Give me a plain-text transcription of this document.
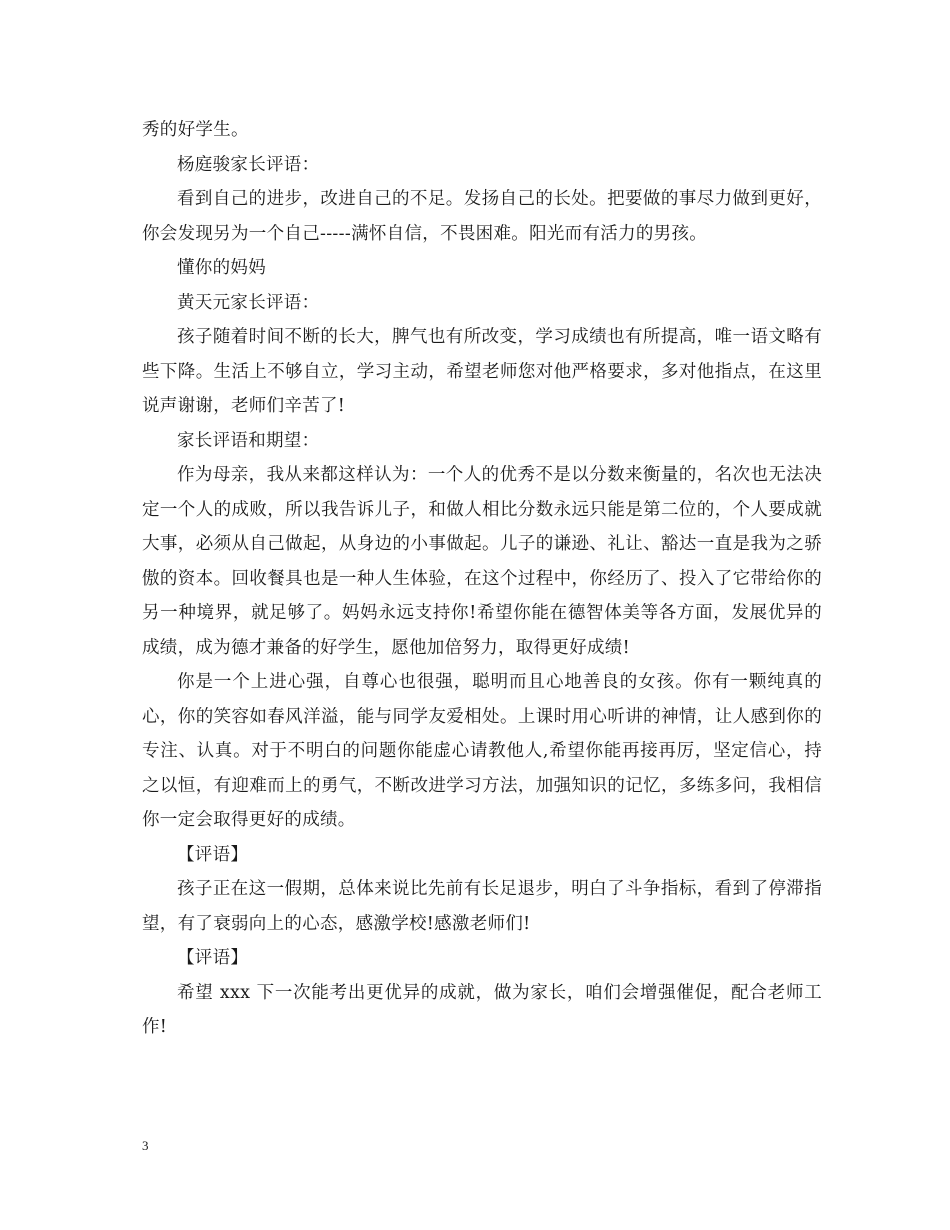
秀的好学生。

杨庭骏家长评语：

看到自己的进步，改进自己的不足。发扬自己的长处。把要做的事尽力做到更好，你会发现另为一个自己-----满怀自信，不畏困难。阳光而有活力的男孩。

懂你的妈妈

黄天元家长评语：

孩子随着时间不断的长大，脾气也有所改变，学习成绩也有所提高，唯一语文略有些下降。生活上不够自立，学习主动，希望老师您对他严格要求，多对他指点，在这里说声谢谢，老师们辛苦了!

家长评语和期望：

作为母亲，我从来都这样认为：一个人的优秀不是以分数来衡量的，名次也无法决定一个人的成败，所以我告诉儿子，和做人相比分数永远只能是第二位的，个人要成就大事，必须从自己做起，从身边的小事做起。儿子的谦逊、礼让、豁达一直是我为之骄傲的资本。回收餐具也是一种人生体验，在这个过程中，你经历了、投入了它带给你的另一种境界，就足够了。妈妈永远支持你!希望你能在德智体美等各方面，发展优异的成绩，成为德才兼备的好学生，愿他加倍努力，取得更好成绩!

你是一个上进心强，自尊心也很强，聪明而且心地善良的女孩。你有一颗纯真的心，你的笑容如春风洋溢，能与同学友爱相处。上课时用心听讲的神情，让人感到你的专注、认真。对于不明白的问题你能虚心请教他人,希望你能再接再厉，坚定信心，持之以恒，有迎难而上的勇气，不断改进学习方法，加强知识的记忆，多练多问，我相信你一定会取得更好的成绩。

【评语】

孩子正在这一假期，总体来说比先前有长足退步，明白了斗争指标，看到了停滞指望，有了衰弱向上的心态，感激学校!感激老师们!

【评语】

希望 xxx 下一次能考出更优异的成就，做为家长，咱们会增强催促，配合老师工作!

3
